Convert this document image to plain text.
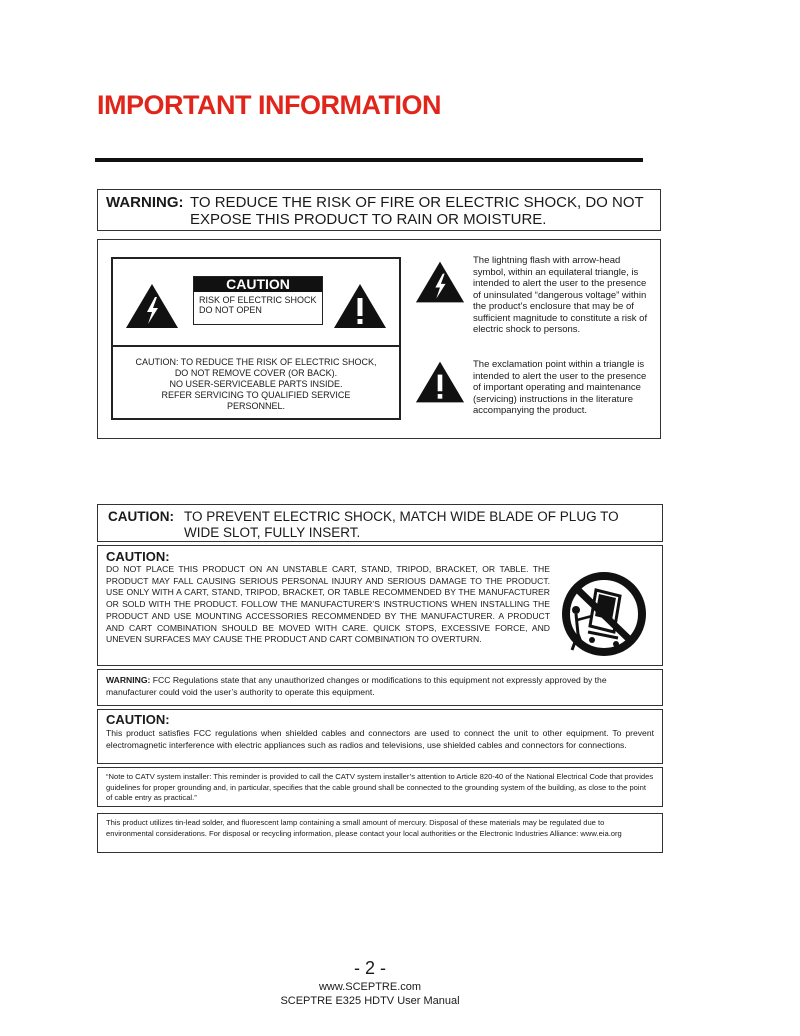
IMPORTANT INFORMATION
WARNING: TO REDUCE THE RISK OF FIRE OR ELECTRIC SHOCK, DO NOT EXPOSE THIS PRODUCT TO RAIN OR MOISTURE.
CAUTION
RISK OF ELECTRIC SHOCK
DO NOT OPEN
CAUTION: TO REDUCE THE RISK OF ELECTRIC SHOCK,
DO NOT REMOVE COVER (OR BACK).
NO USER-SERVICEABLE PARTS INSIDE.
REFER SERVICING TO QUALIFIED SERVICE
PERSONNEL.
The lightning flash with arrow-head symbol, within an equilateral triangle, is intended to alert the user to the presence of uninsulated “dangerous voltage” within the product’s enclosure that may be of sufficient magnitude to constitute a risk of electric shock to persons.
The exclamation point within a triangle is intended to alert the user to the presence of important operating and maintenance (servicing) instructions in the literature accompanying the product.
CAUTION: TO PREVENT ELECTRIC SHOCK, MATCH WIDE BLADE OF PLUG TO WIDE SLOT, FULLY INSERT.
CAUTION:
DO NOT PLACE THIS PRODUCT ON AN UNSTABLE CART, STAND, TRIPOD, BRACKET, OR TABLE. THE PRODUCT MAY FALL CAUSING SERIOUS PERSONAL INJURY AND SERIOUS DAMAGE TO THE PRODUCT. USE ONLY WITH A CART, STAND, TRIPOD, BRACKET, OR TABLE RECOMMENDED BY THE MANUFACTURER OR SOLD WITH THE PRODUCT. FOLLOW THE MANUFACTURER’S INSTRUCTIONS WHEN INSTALLING THE PRODUCT AND USE MOUNTING ACCESSORIES RECOMMENDED BY THE MANUFACTURER. A PRODUCT AND CART COMBINATION SHOULD BE MOVED WITH CARE. QUICK STOPS, EXCESSIVE FORCE, AND UNEVEN SURFACES MAY CAUSE THE PRODUCT AND CART COMBINATION TO OVERTURN.
WARNING: FCC Regulations state that any unauthorized changes or modifications to this equipment not expressly approved by the manufacturer could void the user’s authority to operate this equipment.
CAUTION:
This product satisfies FCC regulations when shielded cables and connectors are used to connect the unit to other equipment. To prevent electromagnetic interference with electric appliances such as radios and televisions, use shielded cables and connectors for connections.
“Note to CATV system installer: This reminder is provided to call the CATV system installer’s attention to Article 820-40 of the National Electrical Code that provides guidelines for proper grounding and, in particular, specifies that the cable ground shall be connected to the grounding system of the building, as close to the point of cable entry as practical.”
This product utilizes tin-lead solder, and fluorescent lamp containing a small amount of mercury. Disposal of these materials may be regulated due to environmental considerations. For disposal or recycling information, please contact your local authorities or the Electronic Industries Alliance: www.eia.org
- 2 -
www.SCEPTRE.com
SCEPTRE E325 HDTV User Manual
